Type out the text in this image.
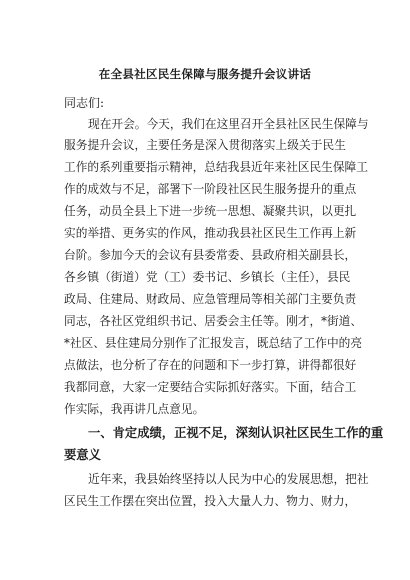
在全县社区民生保障与服务提升会议讲话
同志们:
现在开会。今天，我们在这里召开全县社区民生保障与
服务提升会议，主要任务是深入贯彻落实上级关于民生
工作的系列重要指示精神，总结我县近年来社区民生保障工
作的成效与不足，部署下一阶段社区民生服务提升的重点
任务，动员全县上下进一步统一思想、凝聚共识，以更扎
实的举措、更务实的作风，推动我县社区民生工作再上新
台阶。参加今天的会议有县委常委、县政府相关副县长，
各乡镇（街道）党（工）委书记、乡镇长（主任），县民
政局、住建局、财政局、应急管理局等相关部门主要负责
同志，各社区党组织书记、居委会主任等。刚才，*街道、
*社区、县住建局分别作了汇报发言，既总结了工作中的亮
点做法，也分析了存在的问题和下一步打算，讲得都很好
我都同意，大家一定要结合实际抓好落实。下面，结合工
作实际，我再讲几点意见。
一、肯定成绩，正视不足，深刻认识社区民生工作的重
要意义
近年来，我县始终坚持以人民为中心的发展思想，把社
区民生工作摆在突出位置，投入大量人力、物力、财力，
